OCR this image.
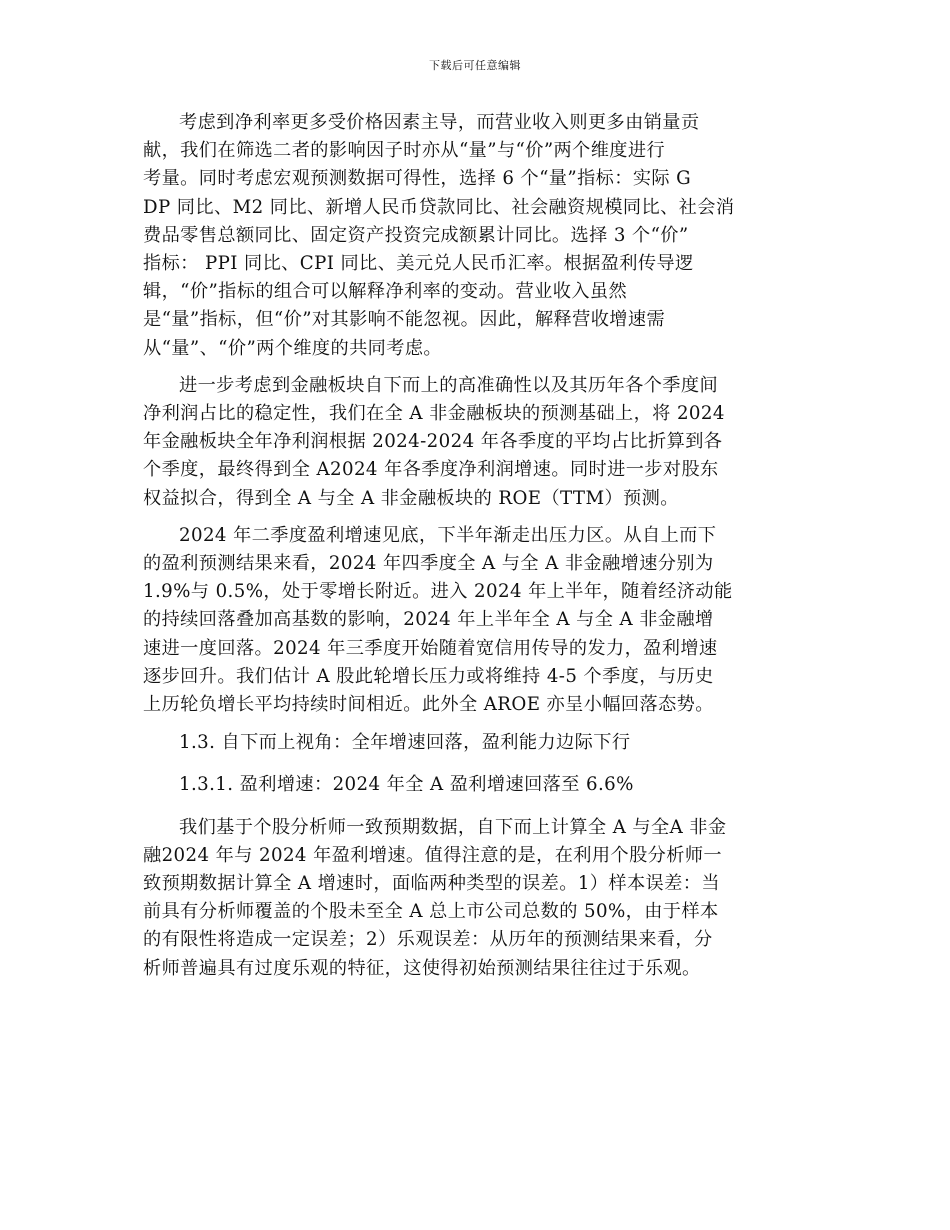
下载后可任意编辑

考虑到净利率更多受价格因素主导，而营业收入则更多由销量贡
献，我们在筛选二者的影响因子时亦从“量”与“价”两个维度进行
考量。同时考虑宏观预测数据可得性，选择 6 个“量”指标：实际 G
DP 同比、M2 同比、新增人民币贷款同比、社会融资规模同比、社会消
费品零售总额同比、固定资产投资完成额累计同比。选择 3 个“价”
指标： PPI 同比、CPI 同比、美元兑人民币汇率。根据盈利传导逻
辑，“价”指标的组合可以解释净利率的变动。营业收入虽然
是“量”指标，但“价”对其影响不能忽视。因此，解释营收增速需
从“量”、“价”两个维度的共同考虑。

进一步考虑到金融板块自下而上的高准确性以及其历年各个季度间
净利润占比的稳定性，我们在全 A 非金融板块的预测基础上，将 2024
年金融板块全年净利润根据 2024-2024 年各季度的平均占比折算到各
个季度，最终得到全 A2024 年各季度净利润增速。同时进一步对股东
权益拟合，得到全 A 与全 A 非金融板块的 ROE（TTM）预测。

2024 年二季度盈利增速见底，下半年渐走出压力区。从自上而下
的盈利预测结果来看，2024 年四季度全 A 与全 A 非金融增速分别为
1.9%与 0.5%，处于零增长附近。进入 2024 年上半年，随着经济动能
的持续回落叠加高基数的影响，2024 年上半年全 A 与全 A 非金融增
速进一度回落。2024 年三季度开始随着宽信用传导的发力，盈利增速
逐步回升。我们估计 A 股此轮增长压力或将维持 4-5 个季度，与历史
上历轮负增长平均持续时间相近。此外全 AROE 亦呈小幅回落态势。

1.3. 自下而上视角：全年增速回落，盈利能力边际下行

1.3.1. 盈利增速：2024 年全 A 盈利增速回落至 6.6%

我们基于个股分析师一致预期数据，自下而上计算全 A 与全A 非金
融2024 年与 2024 年盈利增速。值得注意的是，在利用个股分析师一
致预期数据计算全 A 增速时，面临两种类型的误差。1）样本误差：当
前具有分析师覆盖的个股未至全 A 总上市公司总数的 50%，由于样本
的有限性将造成一定误差；2）乐观误差：从历年的预测结果来看，分
析师普遍具有过度乐观的特征，这使得初始预测结果往往过于乐观。
